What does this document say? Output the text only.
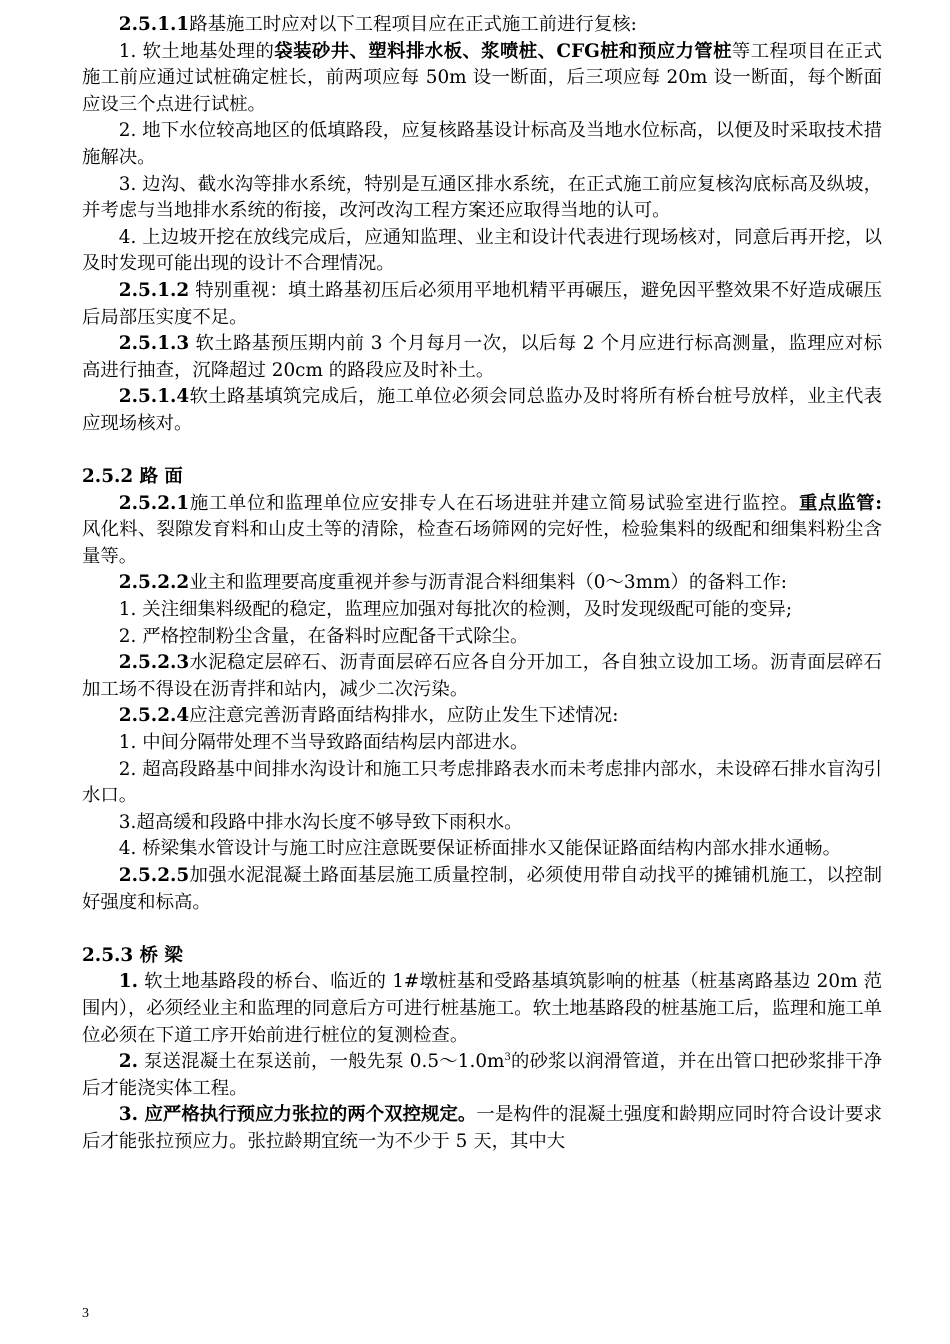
2.5.1.1路基施工时应对以下工程项目应在正式施工前进行复核:

1. 软土地基处理的袋装砂井、塑料排水板、浆喷桩、CFG桩和预应力管桩等工程项目在正式施工前应通过试桩确定桩长，前两项应每 50m 设一断面，后三项应每 20m 设一断面，每个断面应设三个点进行试桩。

2. 地下水位较高地区的低填路段，应复核路基设计标高及当地水位标高，以便及时采取技术措施解决。

3. 边沟、截水沟等排水系统，特别是互通区排水系统，在正式施工前应复核沟底标高及纵坡，并考虑与当地排水系统的衔接，改河改沟工程方案还应取得当地的认可。

4. 上边坡开挖在放线完成后，应通知监理、业主和设计代表进行现场核对，同意后再开挖，以及时发现可能出现的设计不合理情况。

2.5.1.2 特别重视：填土路基初压后必须用平地机精平再碾压，避免因平整效果不好造成碾压后局部压实度不足。

2.5.1.3 软土路基预压期内前 3 个月每月一次，以后每 2 个月应进行标高测量，监理应对标高进行抽查，沉降超过 20cm 的路段应及时补土。

2.5.1.4软土路基填筑完成后，施工单位必须会同总监办及时将所有桥台桩号放样，业主代表应现场核对。

2.5.2 路 面

2.5.2.1施工单位和监理单位应安排专人在石场进驻并建立简易试验室进行监控。重点监管: 风化料、裂隙发育料和山皮土等的清除，检查石场筛网的完好性，检验集料的级配和细集料粉尘含量等。

2.5.2.2业主和监理要高度重视并参与沥青混合料细集料（0～3mm）的备料工作:

1. 关注细集料级配的稳定，监理应加强对每批次的检测，及时发现级配可能的变异;

2. 严格控制粉尘含量，在备料时应配备干式除尘。

2.5.2.3水泥稳定层碎石、沥青面层碎石应各自分开加工，各自独立设加工场。沥青面层碎石加工场不得设在沥青拌和站内，减少二次污染。

2.5.2.4应注意完善沥青路面结构排水，应防止发生下述情况:

1. 中间分隔带处理不当导致路面结构层内部进水。

2. 超高段路基中间排水沟设计和施工只考虑排路表水而未考虑排内部水，未设碎石排水盲沟引水口。

3.超高缓和段路中排水沟长度不够导致下雨积水。

4. 桥梁集水管设计与施工时应注意既要保证桥面排水又能保证路面结构内部水排水通畅。

2.5.2.5加强水泥混凝土路面基层施工质量控制，必须使用带自动找平的摊铺机施工，以控制好强度和标高。

2.5.3 桥 梁

1. 软土地基路段的桥台、临近的 1#墩桩基和受路基填筑影响的桩基（桩基离路基边 20m 范围内），必须经业主和监理的同意后方可进行桩基施工。软土地基路段的桩基施工后，监理和施工单位必须在下道工序开始前进行桩位的复测检查。

2. 泵送混凝土在泵送前，一般先泵 $0.5\sim 1.0m^3$的砂浆以润滑管道，并在出管口把砂浆排干净后才能浇实体工程。

3. 应严格执行预应力张拉的两个双控规定。一是构件的混凝土强度和龄期应同时符合设计要求后才能张拉预应力。张拉龄期宜统一为不少于 5 天，其中大

3
